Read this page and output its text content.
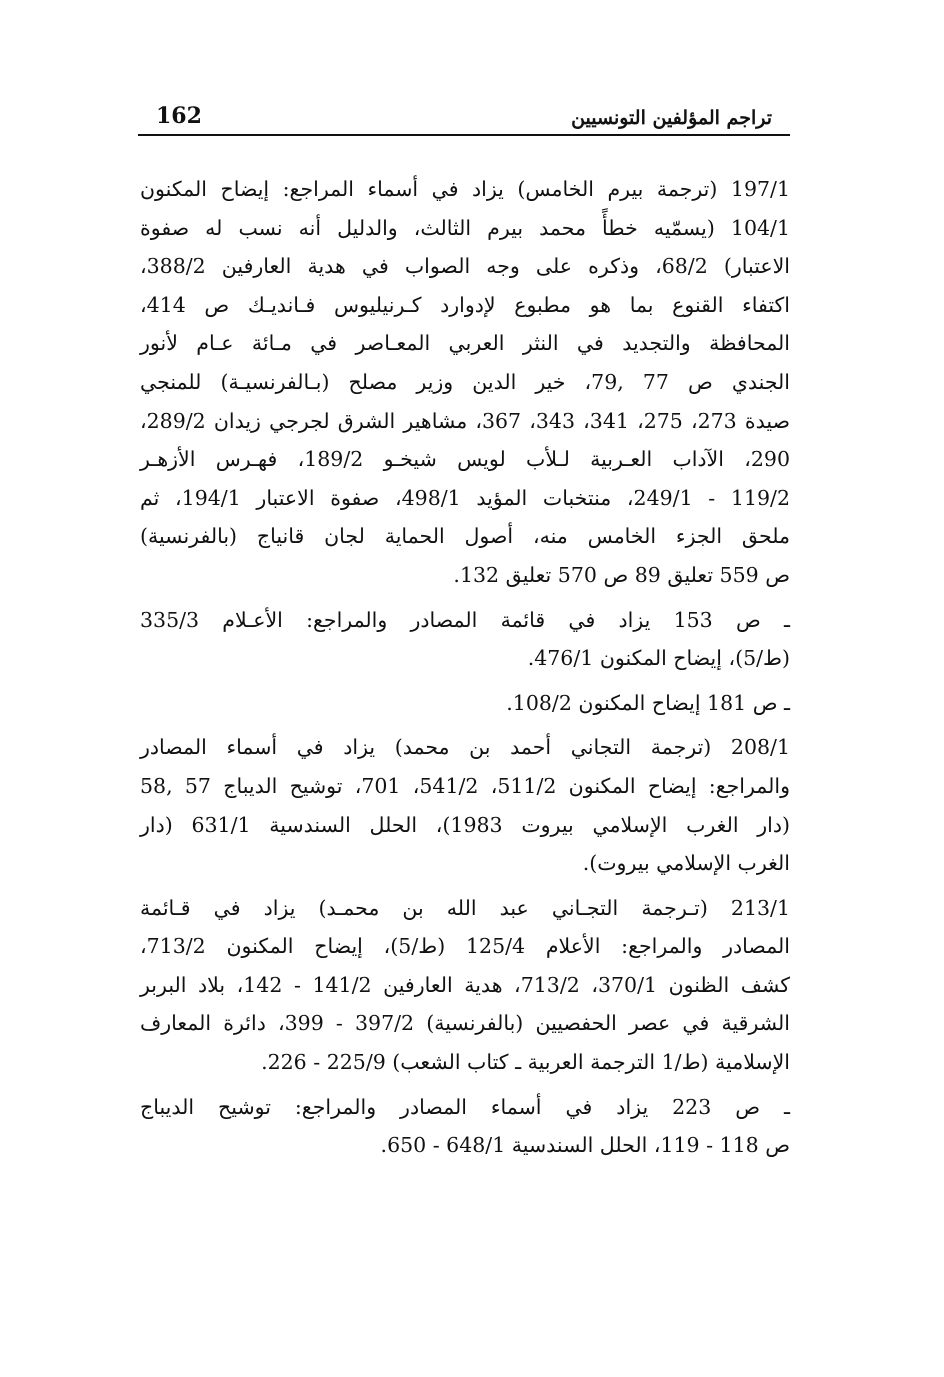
تراجم المؤلفين التونسيين
162
197/1 (ترجمة بيرم الخامس) يزاد في أسماء المراجع: إيضاح المكنون
104/1 (يسمّيه خطأً محمد بيرم الثالث، والدليل أنه نسب له صفوة
الاعتبار) 68/2، وذكره على وجه الصواب في هدية العارفين 388/2،
اكتفاء القنوع بما هو مطبوع لإدوارد كـرنيليوس فـانديـك ص 414،
المحافظة والتجديد في النثر العربي المعـاصر في مـائة عـام لأنور
الجندي ص 77 ,79، خير الدين وزير مصلح (بـالفرنسيـة) للمنجي
صيدة 273، 275، 341، 343، 367، مشاهير الشرق لجرجي زيدان 289/2،
290، الآداب العـربية لـلأب لويس شيخـو 189/2، فهـرس الأزهـر
119/2 - 249/1، منتخبات المؤيد 498/1، صفوة الاعتبار 194/1، ثم
ملحق الجزء الخامس منه، أصول الحماية لجان قانياج (بالفرنسية)
ص 559 تعليق 89 ص 570 تعليق 132.
ـ ص 153 يزاد في قائمة المصادر والمراجع: الأعـلام 335/3
(ط/5)، إيضاح المكنون 476/1.
ـ ص 181 إيضاح المكنون 108/2.
208/1 (ترجمة التجاني أحمد بن محمد) يزاد في أسماء المصادر
والمراجع: إيضاح المكنون 511/2، 541/2، 701، توشيح الديباج 57 ,58
(دار الغرب الإسلامي بيروت 1983)، الحلل السندسية 631/1 (دار
الغرب الإسلامي بيروت).
213/1 (تـرجمة التجـاني عبد الله بن محمـد) يزاد في قـائمة
المصادر والمراجع: الأعلام 125/4 (ط/5)، إيضاح المكنون 713/2،
كشف الظنون 370/1، 713/2، هدية العارفين 141/2 - 142، بلاد البربر
الشرقية في عصر الحفصيين (بالفرنسية) 397/2 - 399، دائرة المعارف
الإسلامية (ط/1 الترجمة العربية ـ كتاب الشعب) 225/9 - 226.
ـ ص 223 يزاد في أسماء المصادر والمراجع: توشيح الديباج
ص 118 - 119، الحلل السندسية 648/1 - 650.
